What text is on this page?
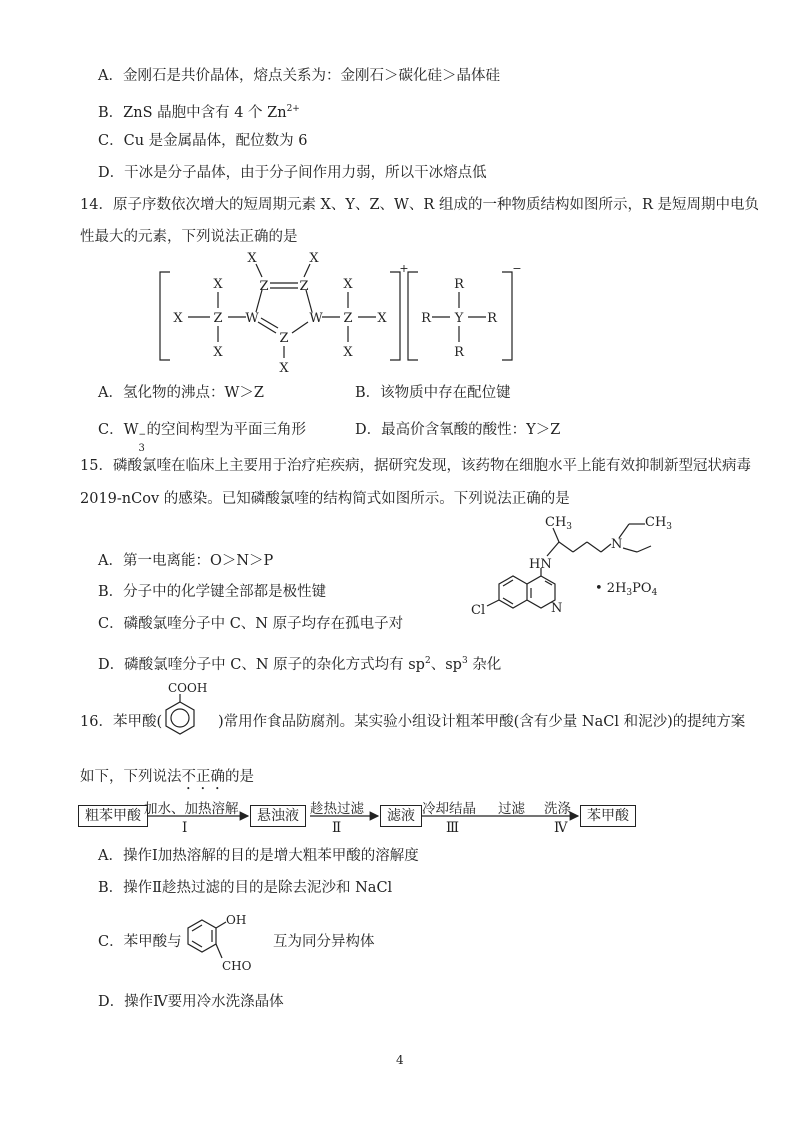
A．金刚石是共价晶体，熔点关系为：金刚石＞碳化硅＞晶体硅
B．ZnS 晶胞中含有 4 个 $Zn^{2+}$
C．Cu 是金属晶体，配位数为 6
D．干冰是分子晶体，由于分子间作用力弱，所以干冰熔点低
14．原子序数依次增大的短周期元素 X、Y、Z、W、R 组成的一种物质结构如图所示，R 是短周期中电负
性最大的元素，下列说法正确的是
X
X Z
X
W
X
Z Z
X
Z
X
W
X
Z
X
X	R
R
Y
R
R
+	−
A．氢化物的沸点：W＞Z	B．该物质中存在配位键
C．W −
3
的空间构型为平面三角形	D．最高价含氧酸的酸性：Y＞Z
15．磷酸氯喹在临床上主要用于治疗疟疾病，据研究发现，该药物在细胞水平上能有效抑制新型冠状病毒
2019-nCov 的感染。已知磷酸氯喹的结构简式如图所示。下列说法正确的是
$CH_3$	$CH_3$
N
HN
N
Cl
• $2H_3PO_4$
A．第一电离能：O＞N＞P
B．分子中的化学键全部都是极性键
C．磷酸氯喹分子中 C、N 原子均存在孤电子对
D．磷酸氯喹分子中 C、N 原子的杂化方式均有 $sp^2$、$sp^3$ 杂化
COOH
16．苯甲酸(	)常用作食品防腐剂。某实验小组设计粗苯甲酸(含有少量 NaCl 和泥沙)的提纯方案
如下，下列说法不正确的是
粗苯甲酸 加水、加热溶解
Ⅰ
悬浊液 趁热过滤
Ⅱ
滤液 冷却结晶
Ⅲ
过滤 洗涤
Ⅳ
苯甲酸
A．操作Ⅰ加热溶解的目的是增大粗苯甲酸的溶解度
B．操作Ⅱ趁热过滤的目的是除去泥沙和 NaCl
C．苯甲酸与
OH
CHO
互为同分异构体
D．操作Ⅳ要用冷水洗涤晶体
4
